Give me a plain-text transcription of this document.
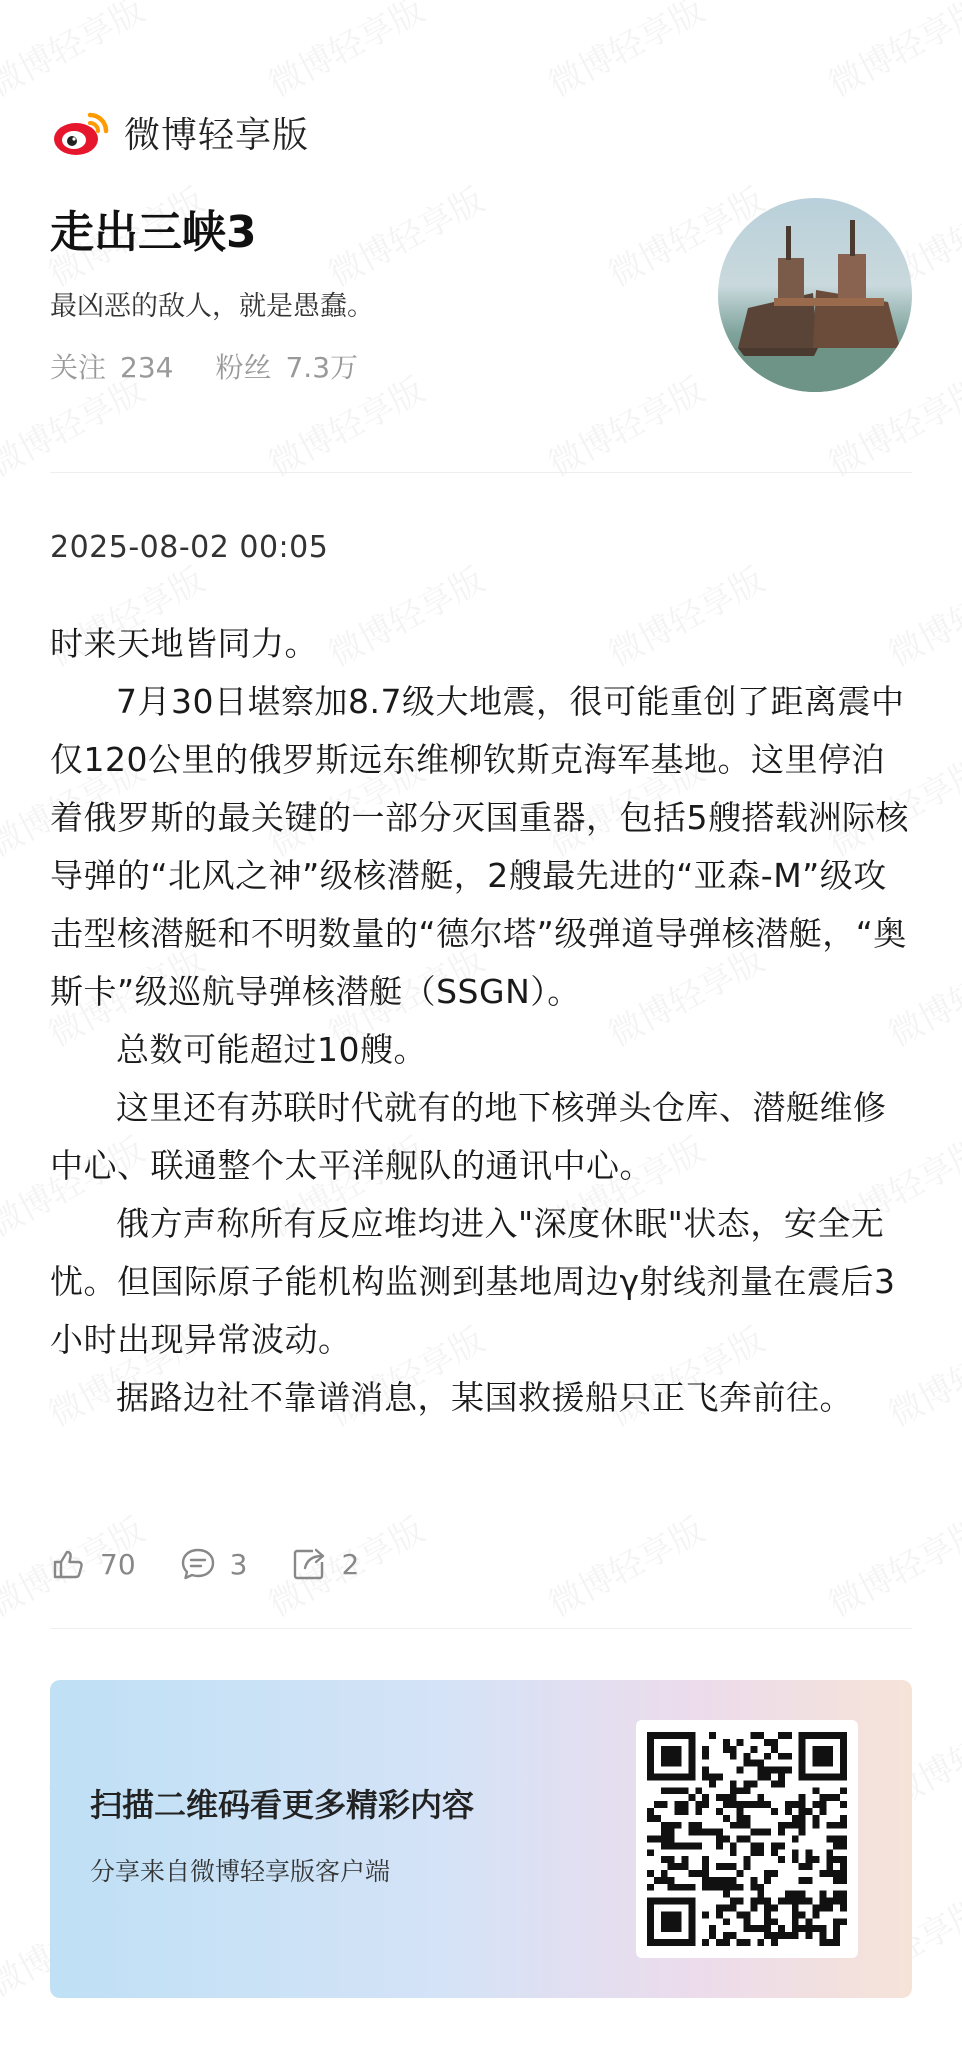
微博轻享版
走出三峡3
最凶恶的敌人，就是愚蠢。
关注 234 粉丝 7.3万
2025-08-02 00:05

时来天地皆同力。

7月30日堪察加8.7级大地震，很可能重创了距离震中仅120公里的俄罗斯远东维柳钦斯克海军基地。这里停泊着俄罗斯的最关键的一部分灭国重器，包括5艘搭载洲际核导弹的“北风之神”级核潜艇，2艘最先进的“亚森-M”级攻击型核潜艇和不明数量的“德尔塔”级弹道导弹核潜艇，“奥斯卡”级巡航导弹核潜艇（SSGN）。

总数可能超过10艘。

这里还有苏联时代就有的地下核弹头仓库、潜艇维修中心、联通整个太平洋舰队的通讯中心。

俄方声称所有反应堆均进入"深度休眠"状态，安全无忧。但国际原子能机构监测到基地周边γ射线剂量在震后3小时出现异常波动。

据路边社不靠谱消息，某国救援船只正飞奔前往。

70	3	2
扫描二维码看更多精彩内容
分享来自微博轻享版客户端
